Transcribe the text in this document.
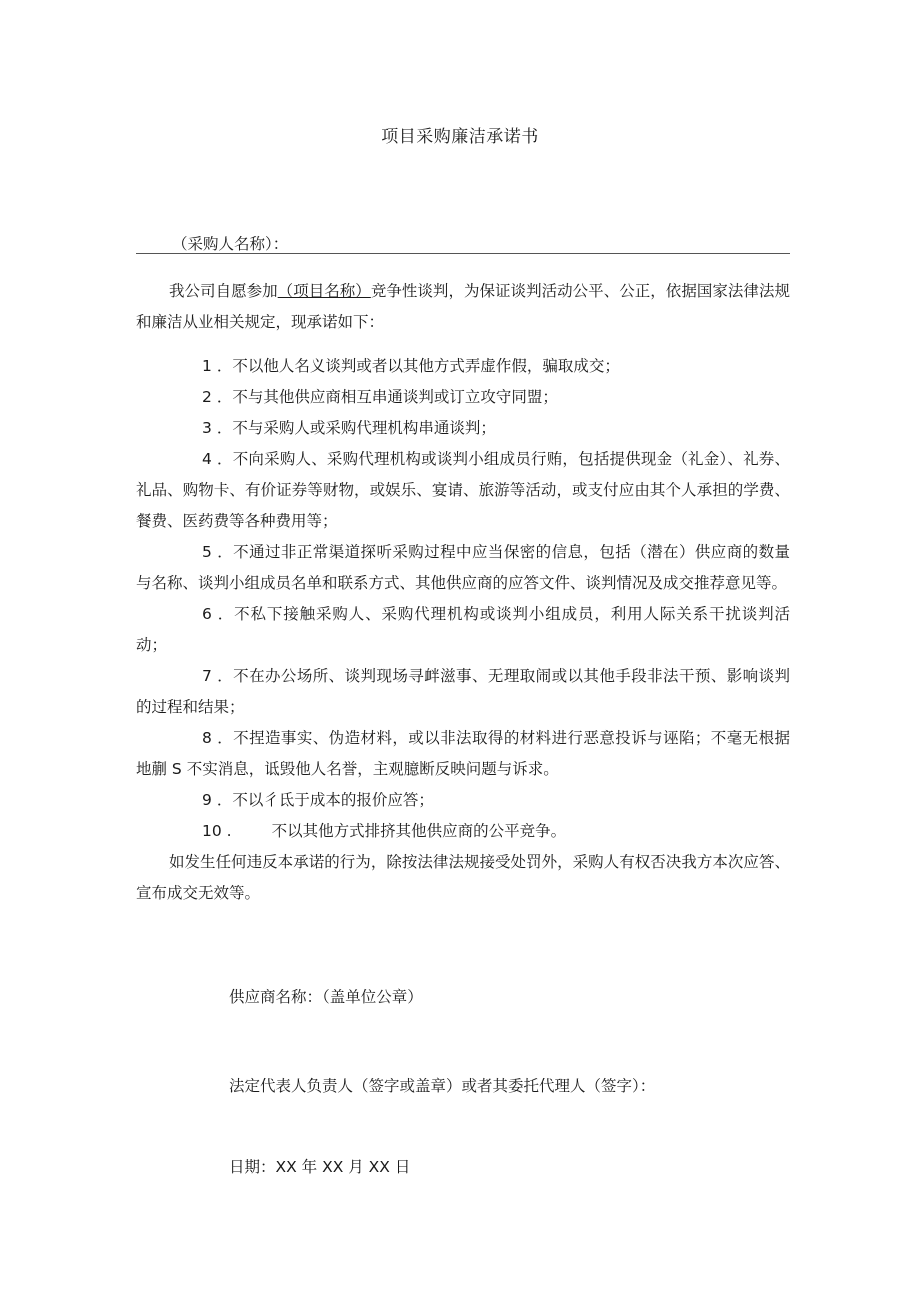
项目采购廉洁承诺书
（采购人名称）：

我公司自愿参加（项目名称）竞争性谈判，为保证谈判活动公平、公正，依据国家法律法规和廉洁从业相关规定，现承诺如下：

1 ．不以他人名义谈判或者以其他方式弄虚作假，骗取成交；

2 ．不与其他供应商相互串通谈判或订立攻守同盟；

3 ．不与采购人或采购代理机构串通谈判；

4 ．不向采购人、采购代理机构或谈判小组成员行贿，包括提供现金（礼金）、礼券、礼品、购物卡、有价证券等财物，或娱乐、宴请、旅游等活动，或支付应由其个人承担的学费、餐费、医药费等各种费用等；

5 ．不通过非正常渠道探听采购过程中应当保密的信息，包括（潜在）供应商的数量与名称、谈判小组成员名单和联系方式、其他供应商的应答文件、谈判情况及成交推荐意见等。

6 ．不私下接触采购人、采购代理机构或谈判小组成员，利用人际关系干扰谈判活动；

7 ．不在办公场所、谈判现场寻衅滋事、无理取闹或以其他手段非法干预、影响谈判的过程和结果；

8 ．不捏造事实、伪造材料，或以非法取得的材料进行恶意投诉与诬陷；不毫无根据地蒯 S 不实消息，诋毁他人名誉，主观臆断反映问题与诉求。

9 ．不以彳氐于成本的报价应答；

10 .	不以其他方式排挤其他供应商的公平竞争。

如发生任何违反本承诺的行为，除按法律法规接受处罚外，采购人有权否决我方本次应答、宣布成交无效等。

供应商名称：（盖单位公章）
法定代表人负责人（签字或盖章）或者其委托代理人（签字）：
日期：XX 年 XX 月 XX 日
